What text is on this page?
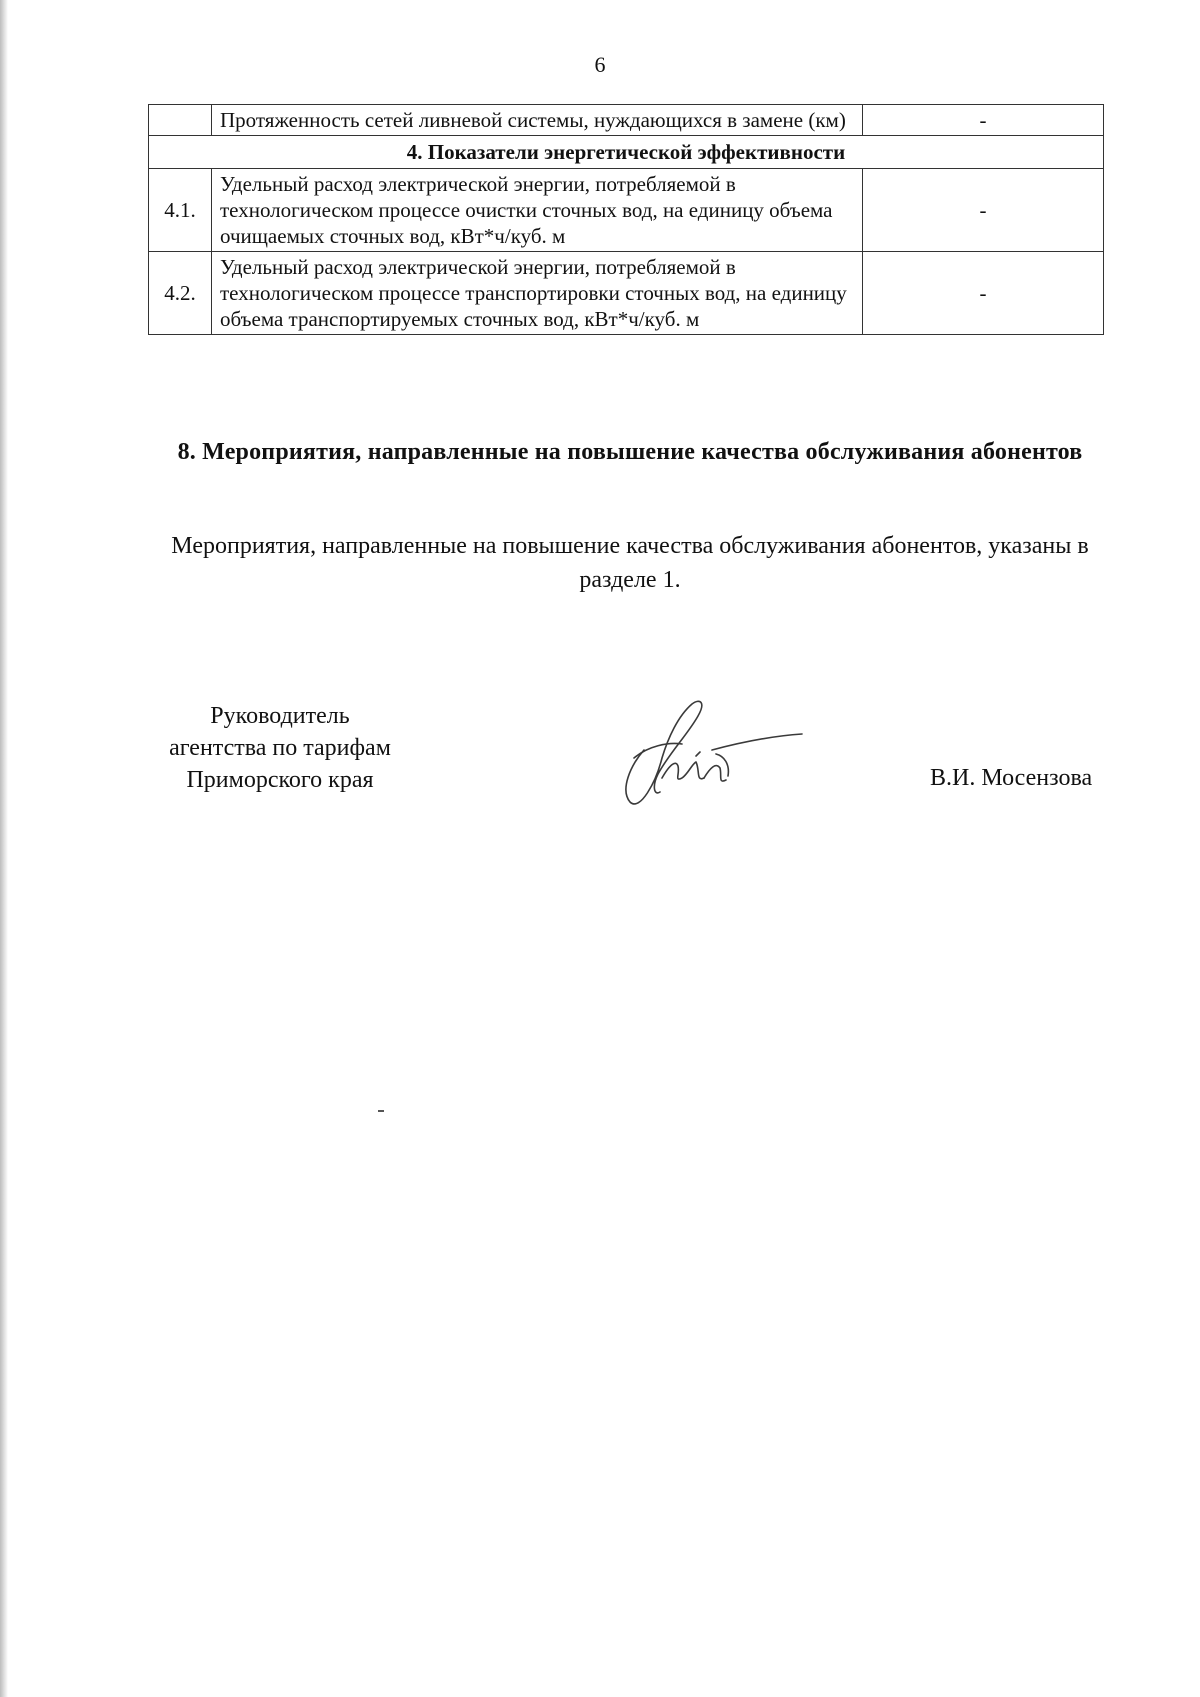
6
	Протяженность сетей ливневой системы, нуждающихся в замене (км)	-
4. Показатели энергетической эффективности		
4.1.	Удельный расход электрической энергии, потребляемой в технологическом процессе очистки сточных вод, на единицу объема очищаемых сточных вод, кВт*ч/куб. м	-
4.2.	Удельный расход электрической энергии, потребляемой в технологическом процессе транспортировки сточных вод, на единицу объема транспортируемых сточных вод, кВт*ч/куб. м	-
8. Мероприятия, направленные на повышение качества обслуживания абонентов
Мероприятия, направленные на повышение качества обслуживания абонентов, указаны в разделе 1.
Руководитель
агентства по тарифам
Приморского края	В.И. Мосензова
